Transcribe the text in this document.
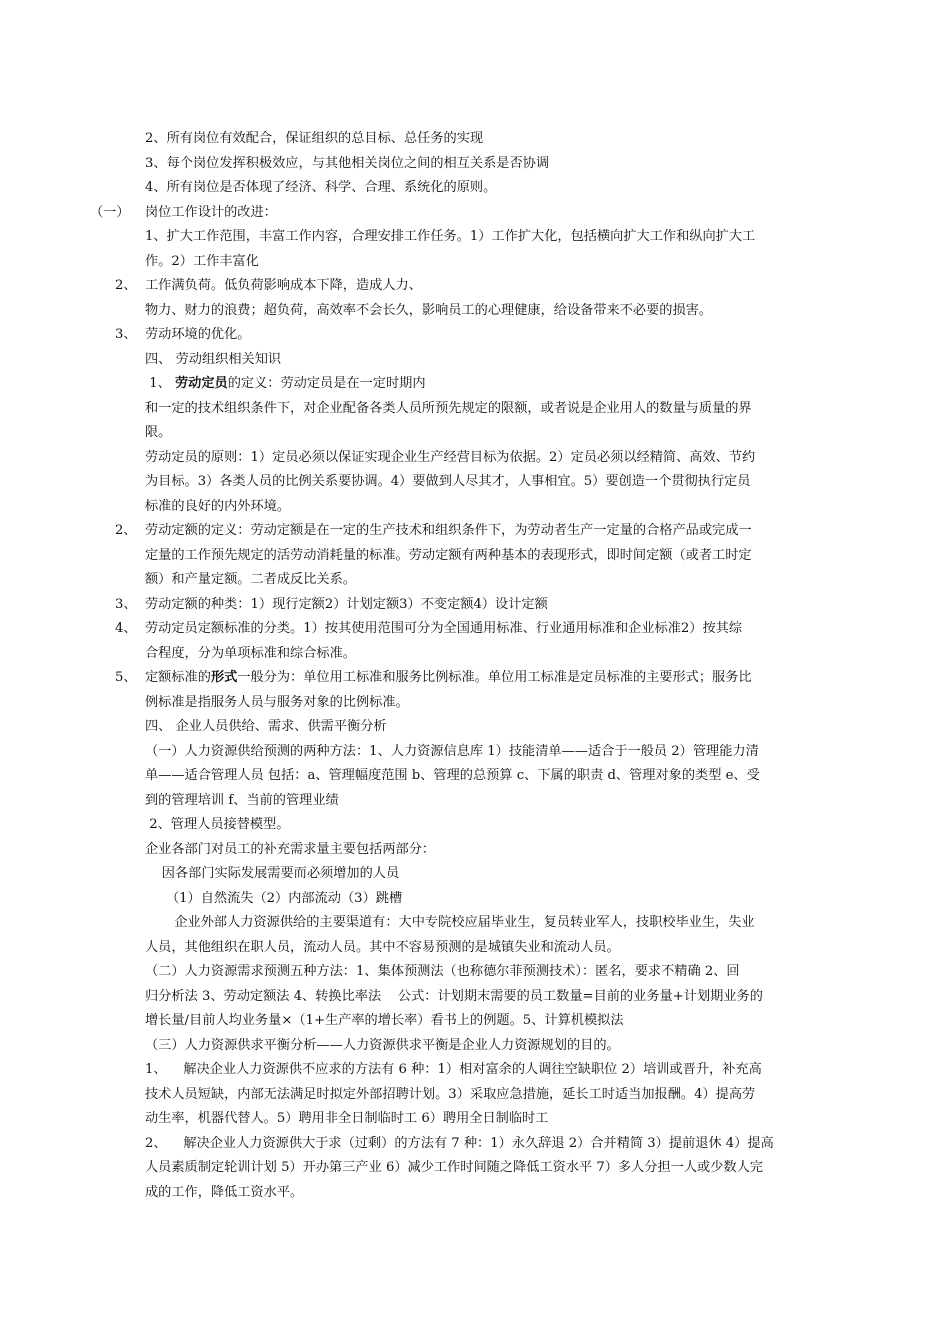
2、所有岗位有效配合，保证组织的总目标、总任务的实现
3、每个岗位发挥积极效应，与其他相关岗位之间的相互关系是否协调
4、所有岗位是否体现了经济、科学、合理、系统化的原则。
（一） 岗位工作设计的改进：
1、扩大工作范围，丰富工作内容，合理安排工作任务。1）工作扩大化，包括横向扩大工作和纵向扩大工
作。2）工作丰富化
2、 工作满负荷。低负荷影响成本下降，造成人力、
物力、财力的浪费；超负荷，高效率不会长久，影响员工的心理健康，给设备带来不必要的损害。
3、 劳动环境的优化。
四、 劳动组织相关知识
1、 劳动定员的定义：劳动定员是在一定时期内
和一定的技术组织条件下，对企业配备各类人员所预先规定的限额，或者说是企业用人的数量与质量的界
限。
劳动定员的原则：1）定员必须以保证实现企业生产经营目标为依据。2）定员必须以经精简、高效、节约
为目标。3）各类人员的比例关系要协调。4）要做到人尽其才，人事相宜。5）要创造一个贯彻执行定员
标准的良好的内外环境。
2、 劳动定额的定义：劳动定额是在一定的生产技术和组织条件下，为劳动者生产一定量的合格产品或完成一
定量的工作预先规定的活劳动消耗量的标准。劳动定额有两种基本的表现形式，即时间定额（或者工时定
额）和产量定额。二者成反比关系。
3、 劳动定额的种类：1）现行定额2）计划定额3）不变定额4）设计定额
4、 劳动定员定额标准的分类。1）按其使用范围可分为全国通用标准、行业通用标准和企业标准2）按其综
合程度，分为单项标准和综合标准。
5、 定额标准的形式一般分为：单位用工标准和服务比例标准。单位用工标准是定员标准的主要形式；服务比
例标准是指服务人员与服务对象的比例标准。
四、 企业人员供给、需求、供需平衡分析
（一）人力资源供给预测的两种方法：1、人力资源信息库 1）技能清单——适合于一般员 2）管理能力清
单——适合管理人员 包括：a、管理幅度范围 b、管理的总预算 c、下属的职责 d、管理对象的类型 e、受
到的管理培训 f、当前的管理业绩
2、管理人员接替模型。
企业各部门对员工的补充需求量主要包括两部分：
因各部门实际发展需要而必须增加的人员
（1）自然流失（2）内部流动（3）跳槽
企业外部人力资源供给的主要渠道有：大中专院校应届毕业生，复员转业军人，技职校毕业生，失业
人员，其他组织在职人员，流动人员。其中不容易预测的是城镇失业和流动人员。
（二）人力资源需求预测五种方法：1、集体预测法（也称德尔菲预测技术）：匿名，要求不精确 2、回
归分析法 3、劳动定额法 4、转换比率法    公式：计划期末需要的员工数量=目前的业务量+计划期业务的
增长量/目前人均业务量×（1+生产率的增长率）看书上的例题。5、计算机模拟法
（三）人力资源供求平衡分析——人力资源供求平衡是企业人力资源规划的目的。
1、    解决企业人力资源供不应求的方法有 6 种：1）相对富余的人调往空缺职位 2）培训或晋升，补充高
技术人员短缺，内部无法满足时拟定外部招聘计划。3）采取应急措施，延长工时适当加报酬。4）提高劳
动生率，机器代替人。5）聘用非全日制临时工 6）聘用全日制临时工
2、    解决企业人力资源供大于求（过剩）的方法有 7 种：1）永久辞退 2）合并精简 3）提前退休 4）提高
人员素质制定轮训计划 5）开办第三产业 6）减少工作时间随之降低工资水平 7）多人分担一人或少数人完
成的工作，降低工资水平。
